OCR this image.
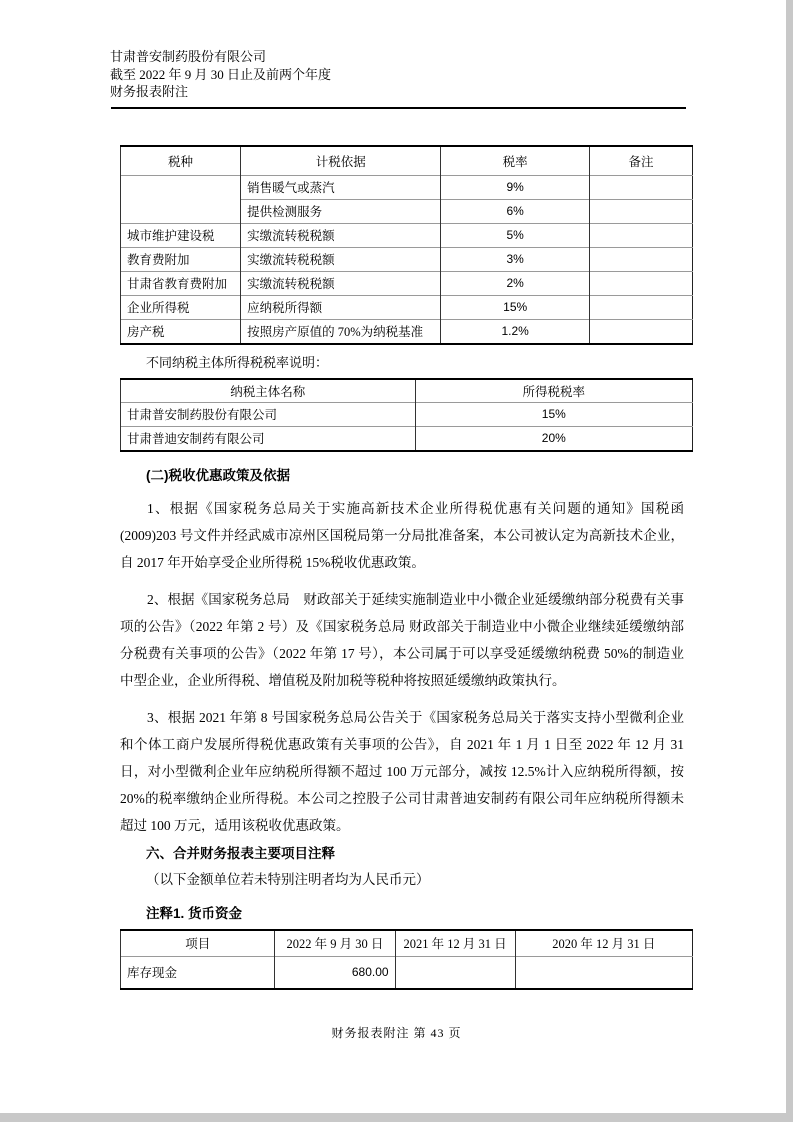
甘肃普安制药股份有限公司
截至 2022 年 9 月 30 日止及前两个年度
财务报表附注
税种	计税依据	税率	备注
	销售暖气或蒸汽	9%	
	提供检测服务	6%	
城市维护建设税	实缴流转税税额	5%	
教育费附加	实缴流转税税额	3%	
甘肃省教育费附加	实缴流转税税额	2%	
企业所得税	应纳税所得额	15%	
房产税	按照房产原值的 70%为纳税基准	1.2%	
不同纳税主体所得税税率说明：
纳税主体名称	所得税税率
甘肃普安制药股份有限公司	15%
甘肃普迪安制药有限公司	20%
(二)税收优惠政策及依据

1、根据《国家税务总局关于实施高新技术企业所得税优惠有关问题的通知》国税函(2009)203 号文件并经武威市凉州区国税局第一分局批准备案，本公司被认定为高新技术企业，自 2017 年开始享受企业所得税 15%税收优惠政策。

2、根据《国家税务总局　财政部关于延续实施制造业中小微企业延缓缴纳部分税费有关事项的公告》（2022 年第 2 号）及《国家税务总局 财政部关于制造业中小微企业继续延缓缴纳部分税费有关事项的公告》（2022 年第 17 号），本公司属于可以享受延缓缴纳税费 50%的制造业中型企业，企业所得税、增值税及附加税等税种将按照延缓缴纳政策执行。

3、根据 2021 年第 8 号国家税务总局公告关于《国家税务总局关于落实支持小型微利企业和个体工商户发展所得税优惠政策有关事项的公告》，自 2021 年 1 月 1 日至 2022 年 12 月 31 日，对小型微利企业年应纳税所得额不超过 100 万元部分，减按 12.5%计入应纳税所得额，按 20%的税率缴纳企业所得税。本公司之控股子公司甘肃普迪安制药有限公司年应纳税所得额未超过 100 万元，适用该税收优惠政策。

六、合并财务报表主要项目注释
（以下金额单位若未特别注明者均为人民币元）
注释1. 货币资金
项目	2022 年 9 月 30 日	2021 年 12 月 31 日	2020 年 12 月 31 日
库存现金	680.00		
财务报表附注 第 43 页
